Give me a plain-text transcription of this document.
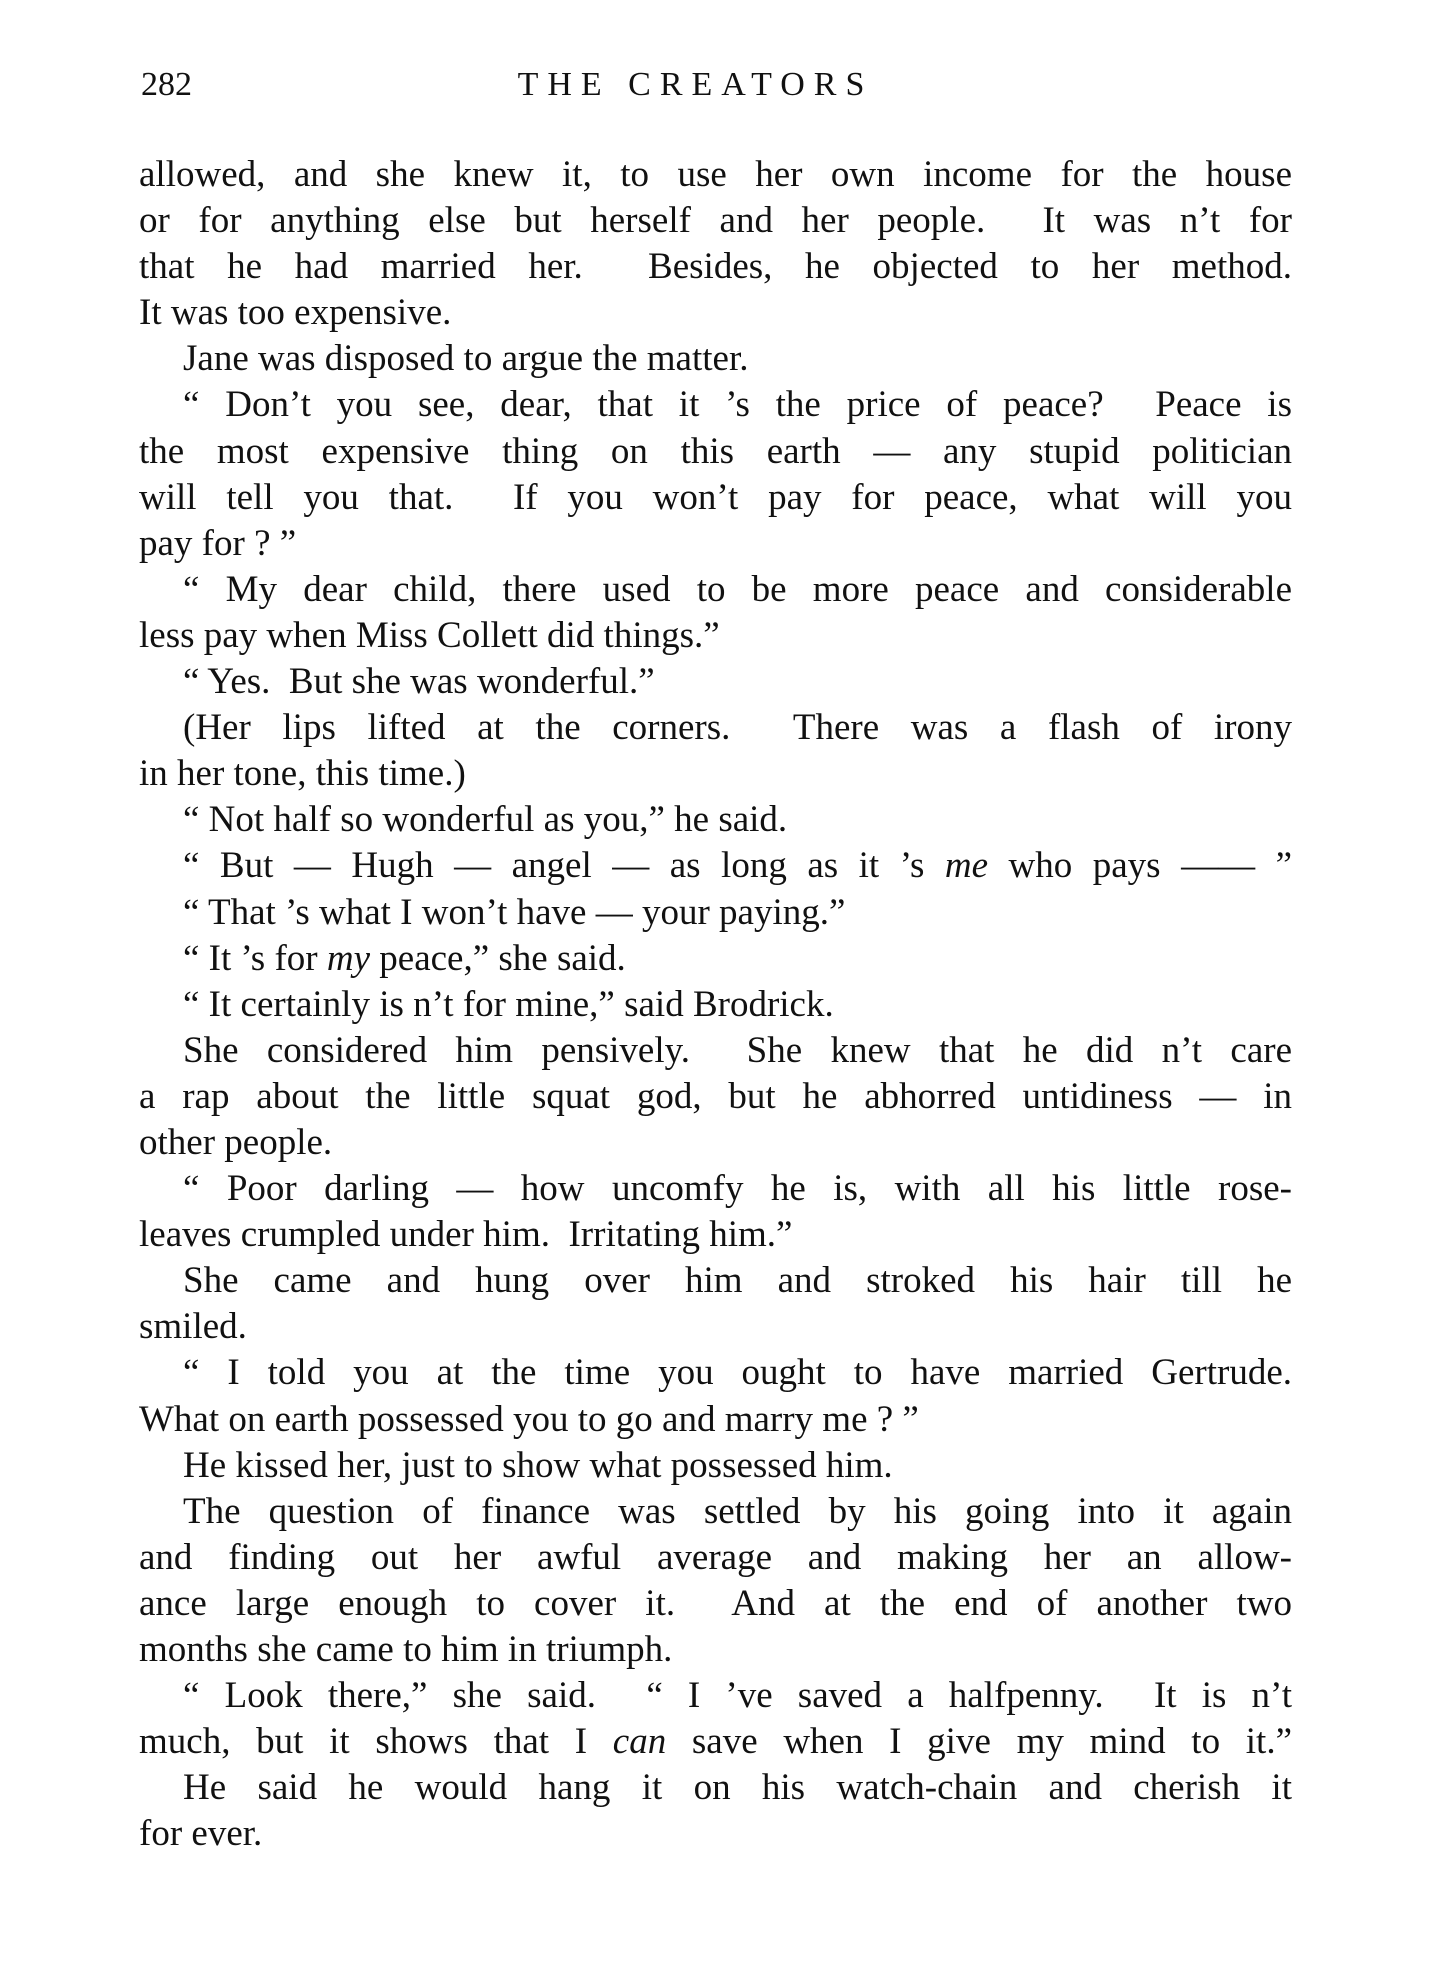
282	THE CREATORS
allowed, and she knew it, to use her own income for the house
or for anything else but herself and her people.  It was n’t for
that he had married her.  Besides, he objected to her method.
It was too expensive.
Jane was disposed to argue the matter.
“ Don’t you see, dear, that it ’s the price of peace?  Peace is
the most expensive thing on this earth — any stupid politician
will tell you that.  If you won’t pay for peace, what will you
pay for ? ”
“ My dear child, there used to be more peace and considerable
less pay when Miss Collett did things.”
“ Yes.  But she was wonderful.”
(Her lips lifted at the corners.  There was a flash of irony
in her tone, this time.)
“ Not half so wonderful as you,” he said.
“ But — Hugh — angel — as long as it ’s me who pays —— ”
“ That ’s what I won’t have — your paying.”
“ It ’s for my peace,” she said.
“ It certainly is n’t for mine,” said Brodrick.
She considered him pensively.  She knew that he did n’t care
a rap about the little squat god, but he abhorred untidiness — in
other people.
“ Poor darling — how uncomfy he is, with all his little rose-
leaves crumpled under him.  Irritating him.”
She came and hung over him and stroked his hair till he
smiled.
“ I told you at the time you ought to have married Gertrude.
What on earth possessed you to go and marry me ? ”
He kissed her, just to show what possessed him.
The question of finance was settled by his going into it again
and finding out her awful average and making her an allow-
ance large enough to cover it.  And at the end of another two
months she came to him in triumph.
“ Look there,” she said.  “ I ’ve saved a halfpenny.  It is n’t
much, but it shows that I can save when I give my mind to it.”
He said he would hang it on his watch-chain and cherish it
for ever.
